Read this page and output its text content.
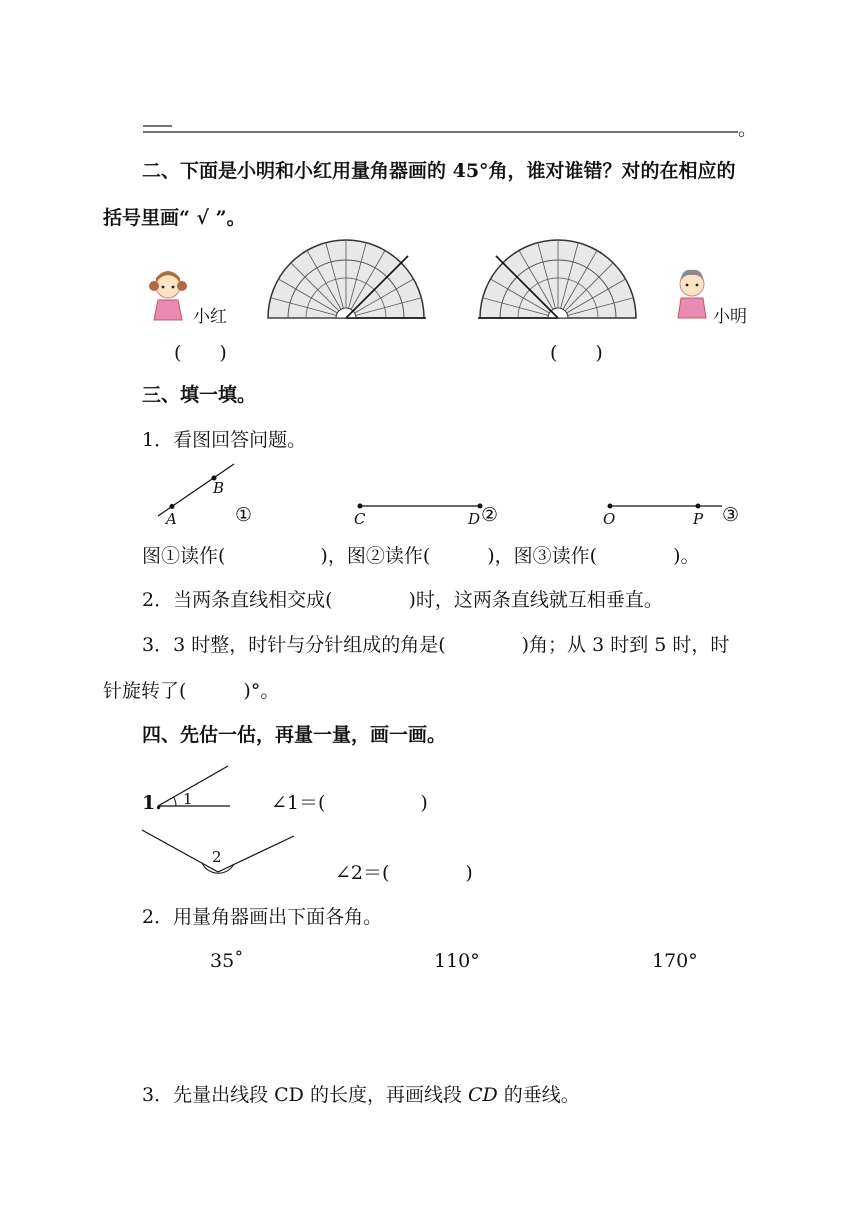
。
二、下面是小明和小红用量角器画的 45°角，谁对谁错？对的在相应的
括号里画“ √ ”。
小红	小明
(　　)	(　　)
三、填一填。
1．看图回答问题。
A
B
①	C	D ②	O	P ③
图①读作(　　　　　)，图②读作(　　　)，图③读作(　　　　)。
2．当两条直线相交成(　　　　)时，这两条直线就互相垂直。
3．3 时整，时针与分针组成的角是(　　　　)角；从 3 时到 5 时，时
针旋转了(　　　)°。
四、先估一估，再量一量，画一画。
1. 1	∠1＝(　　　　　)
2
∠2＝(　　　　)
2．用量角器画出下面各角。
35˚	110°	170°
3．先量出线段 CD 的长度，再画线段 CD 的垂线。
